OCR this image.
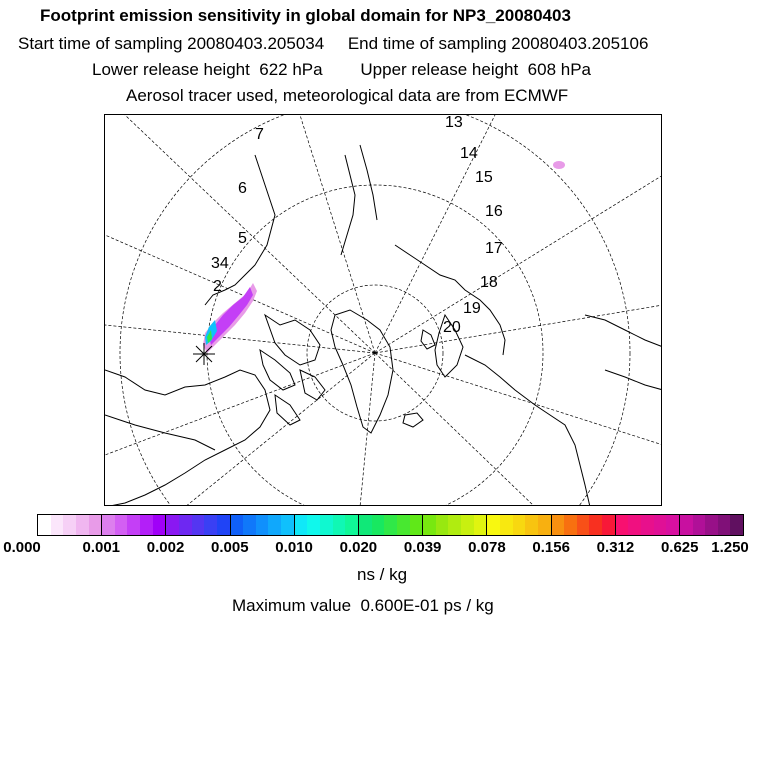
Footprint emission sensitivity in global domain for NP3_20080403
Start time of sampling 20080403.205034 End time of sampling 20080403.205106
Lower release height  622 hPa Upper release height  608 hPa
Aerosol tracer used, meteorological data are from ECMWF
7
6
5
34
2
13
14
15
16
17
18
19
20
0.000	0.001 0.002 0.005 0.010 0.020 0.039 0.078 0.156 0.312 0.625 1.250
ns / kg
Maximum value  0.600E-01 ps / kg
